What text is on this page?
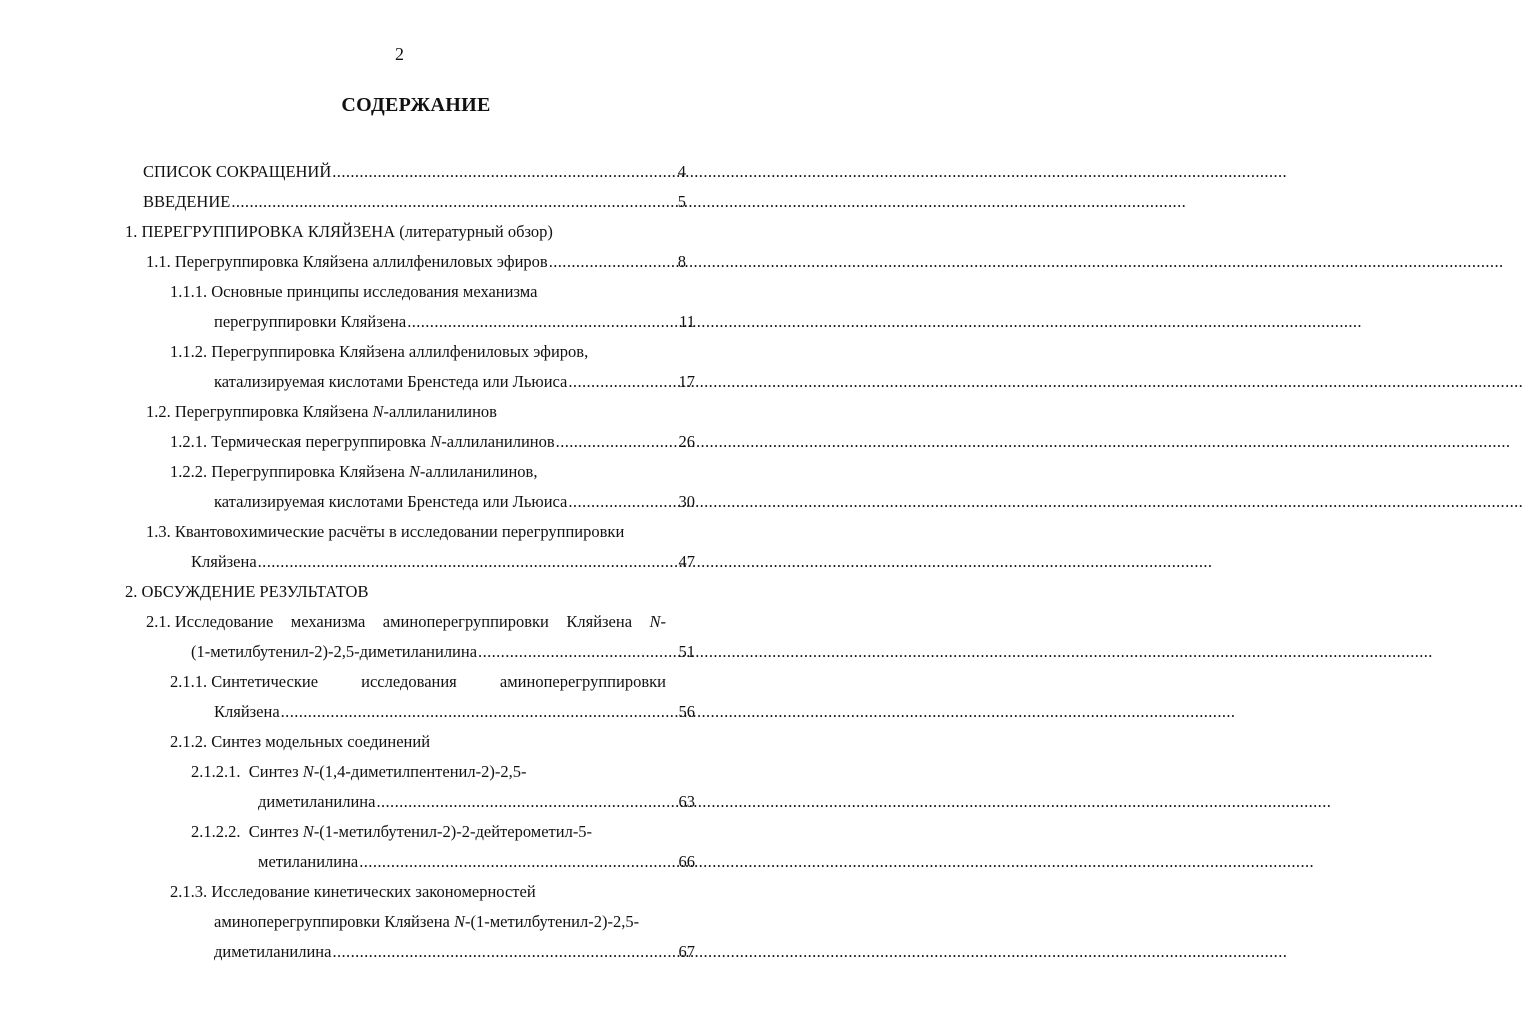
2
СОДЕРЖАНИЕ
СПИСОК СОКРАЩЕНИЙ .....	4
ВВЕДЕНИЕ .....	5
1. ПЕРЕГРУППИРОВКА КЛЯЙЗЕНА (литературный обзор)
1.1.
Перегруппировка Кляйзена аллилфениловых эфиров .....	8
1.1.1.
Основные принципы исследования механизма
перегруппировки Кляйзена .....	11
1.1.2.
Перегруппировка Кляйзена аллилфениловых эфиров,
катализируемая кислотами Бренстеда или Льюиса .....	17
1.2.
Перегруппировка Кляйзена N-аллиланилинов
1.2.1.
Термическая перегруппировка N-аллиланилинов .....	26
1.2.2.
Перегруппировка Кляйзена N-аллиланилинов,
катализируемая кислотами Бренстеда или Льюиса .....	30
1.3.
Квантовохимические расчёты в исследовании перегруппировки
Кляйзена .....	47
2. ОБСУЖДЕНИЕ РЕЗУЛЬТАТОВ
2.1.
Исследование механизма аминоперегруппировки Кляйзена N-
(1-метилбутенил-2)-2,5-диметиланилина .....	51
2.1.1.
Синтетические	исследования	аминоперегруппировки
Кляйзена .....	56
2.1.2.
Синтез модельных соединений
2.1.2.1.
Синтез N-(1,4-диметилпентенил-2)-2,5-
диметиланилина .....	63
2.1.2.2.
Синтез N-(1-метилбутенил-2)-2-дейтерометил-5-
метиланилина .....	66
2.1.3.
Исследование кинетических закономерностей
аминоперегруппировки Кляйзена N-(1-метилбутенил-2)-2,5-
диметиланилина .....	67
